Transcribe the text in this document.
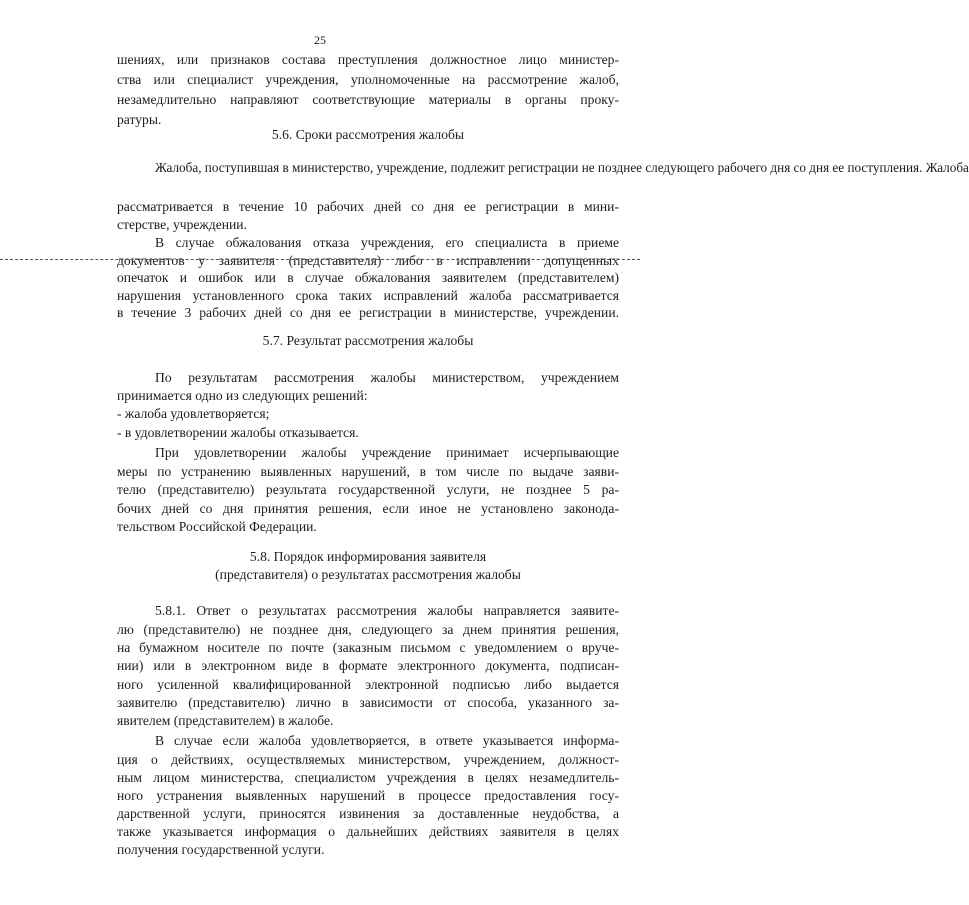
25
шениях, или признаков состава преступления должностное лицо министер-
ства или специалист учреждения, уполномоченные на рассмотрение жалоб,
незамедлительно направляют соответствующие материалы в органы проку-
ратуры.
5.6. Сроки рассмотрения жалобы
Жалоба, поступившая в министерство, учреждение, подлежит регистрации не позднее следующего рабочего дня со дня ее поступления. Жалоба
рассматривается в течение 10 рабочих дней со дня ее регистрации в мини-
стерстве, учреждении.
В случае обжалования отказа учреждения, его специалиста в приеме
документов у заявителя (представителя) либо в исправлении допущенных
опечаток и ошибок или в случае обжалования заявителем (представителем)
нарушения установленного срока таких исправлений жалоба рассматривается
в течение 3 рабочих дней со дня ее регистрации в министерстве, учреждении.
5.7. Результат рассмотрения жалобы
По результатам рассмотрения жалобы министерством, учреждением
принимается одно из следующих решений:
- жалоба удовлетворяется;
- в удовлетворении жалобы отказывается.
При удовлетворении жалобы учреждение принимает исчерпывающие
меры по устранению выявленных нарушений, в том числе по выдаче заяви-
телю (представителю) результата государственной услуги, не позднее 5 ра-
бочих дней со дня принятия решения, если иное не установлено законода-
тельством Российской Федерации.
5.8. Порядок информирования заявителя
(представителя) о результатах рассмотрения жалобы
5.8.1. Ответ о результатах рассмотрения жалобы направляется заявите-
лю (представителю) не позднее дня, следующего за днем принятия решения,
на бумажном носителе по почте (заказным письмом с уведомлением о вруче-
нии) или в электронном виде в формате электронного документа, подписан-
ного усиленной квалифицированной электронной подписью либо выдается
заявителю (представителю) лично в зависимости от способа, указанного за-
явителем (представителем) в жалобе.
В случае если жалоба удовлетворяется, в ответе указывается информа-
ция о действиях, осуществляемых министерством, учреждением, должност-
ным лицом министерства, специалистом учреждения в целях незамедлитель-
ного устранения выявленных нарушений в процессе предоставления госу-
дарственной услуги, приносятся извинения за доставленные неудобства, а
также указывается информация о дальнейших действиях заявителя в целях
получения государственной услуги.
